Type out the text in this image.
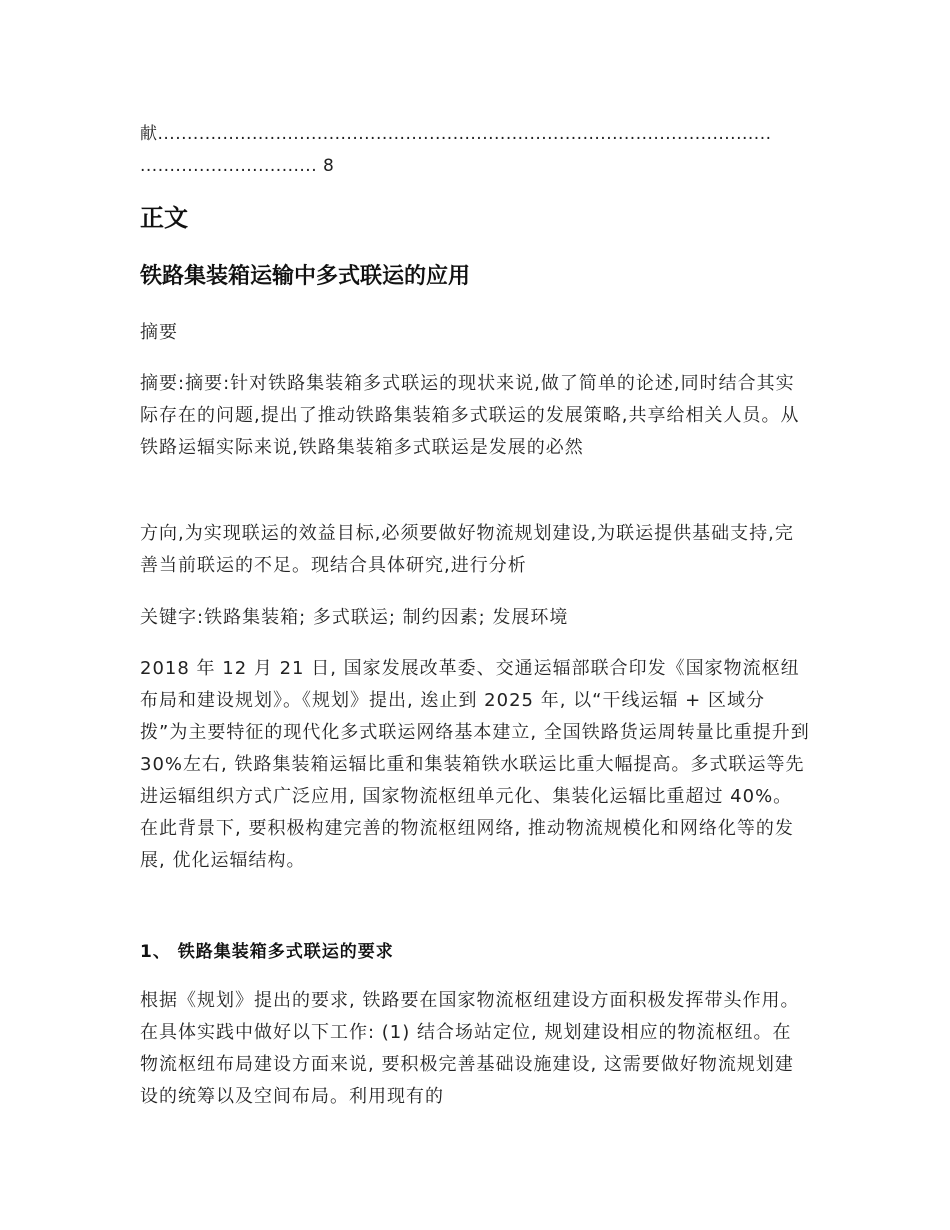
献........................................................................................................
.............................. 8
正文
铁路集装箱运输中多式联运的应用

摘要

摘要:摘要:针对铁路集装箱多式联运的现状来说,做了简单的论述,同时结合其实际存在的问题,提出了推动铁路集装箱多式联运的发展策略,共享给相关人员。从铁路运辐实际来说,铁路集装箱多式联运是发展的必然

方向,为实现联运的效益目标,必须要做好物流规划建设,为联运提供基础支持,完善当前联运的不足。现结合具体研究,进行分析

关键字:铁路集装箱; 多式联运; 制约因素; 发展环境

2018 年 12 月 21 日, 国家发展改革委、交通运辐部联合印发《国家物流枢纽布局和建设规划》。《规划》提出, 逘止到 2025 年, 以“干线运辐 + 区域分拨”为主要特征的现代化多式联运网络基本建立, 全国铁路货运周转量比重提升到 30%左右, 铁路集装箱运辐比重和集装箱铁水联运比重大幅提高。多式联运等先进运辐组织方式广泛应用, 国家物流枢纽单元化、集装化运辐比重超过 40%。在此背景下, 要积极构建完善的物流枢纽网络, 推动物流规模化和网络化等的发展, 优化运辐结构。

1、 铁路集装箱多式联运的要求

根据《规划》提出的要求, 铁路要在国家物流枢纽建设方面积极发挥带头作用。在具体实践中做好以下工作: (1) 结合场站定位, 规划建设相应的物流枢纽。在物流枢纽布局建设方面来说, 要积极完善基础设施建设, 这需要做好物流规划建设的统筹以及空间布局。利用现有的
